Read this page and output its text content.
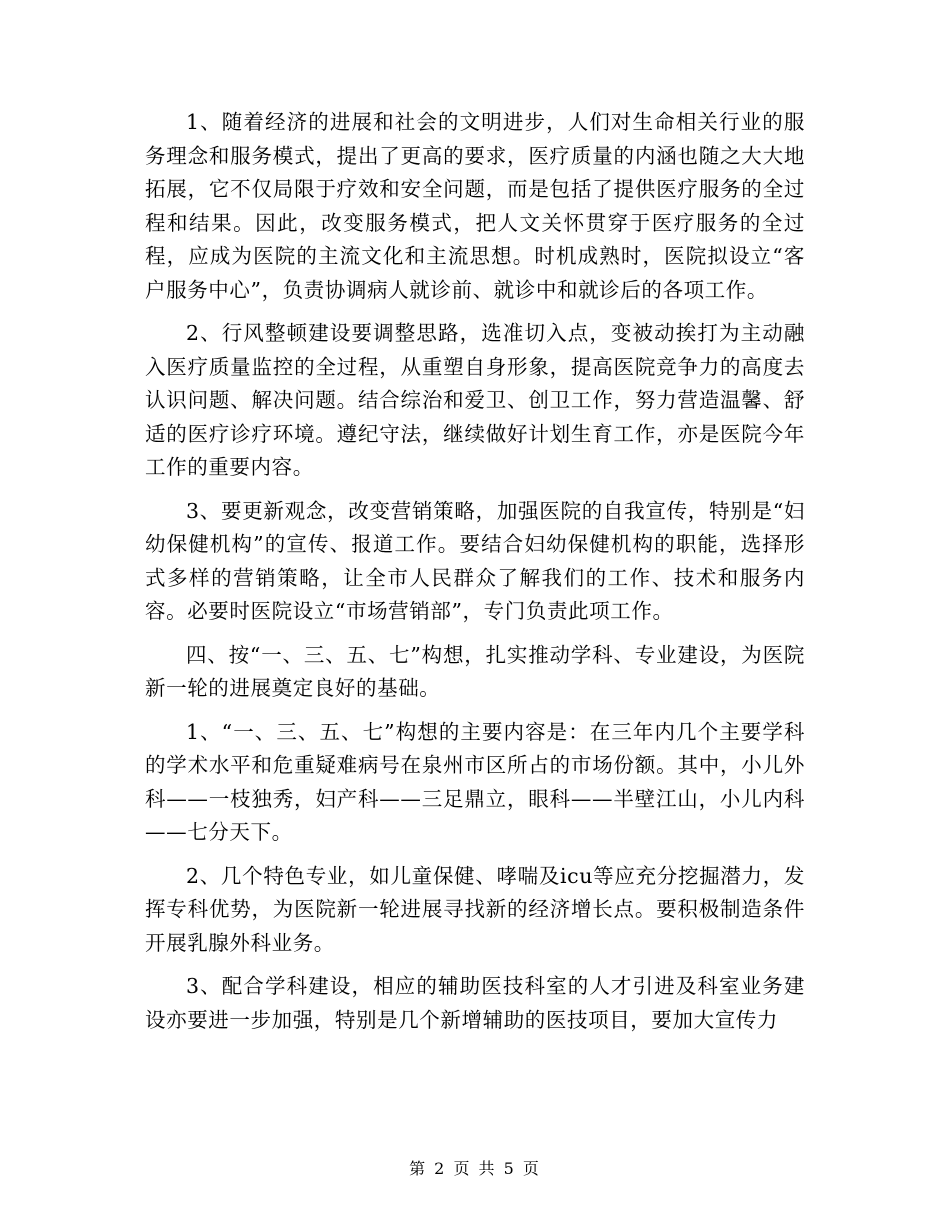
1、随着经济的进展和社会的文明进步，人们对生命相关行业的服务理念和服务模式，提出了更高的要求，医疗质量的内涵也随之大大地拓展，它不仅局限于疗效和安全问题，而是包括了提供医疗服务的全过程和结果。因此，改变服务模式，把人文关怀贯穿于医疗服务的全过程，应成为医院的主流文化和主流思想。时机成熟时，医院拟设立“客户服务中心”，负责协调病人就诊前、就诊中和就诊后的各项工作。

2、行风整顿建设要调整思路，选准切入点，变被动挨打为主动融入医疗质量监控的全过程，从重塑自身形象，提高医院竞争力的高度去认识问题、解决问题。结合综治和爱卫、创卫工作，努力营造温馨、舒适的医疗诊疗环境。遵纪守法，继续做好计划生育工作，亦是医院今年工作的重要内容。

3、要更新观念，改变营销策略，加强医院的自我宣传，特别是“妇幼保健机构”的宣传、报道工作。要结合妇幼保健机构的职能，选择形式多样的营销策略，让全市人民群众了解我们的工作、技术和服务内容。必要时医院设立“市场营销部”，专门负责此项工作。

四、按“一、三、五、七”构想，扎实推动学科、专业建设，为医院新一轮的进展奠定良好的基础。

1、“一、三、五、七”构想的主要内容是：在三年内几个主要学科的学术水平和危重疑难病号在泉州市区所占的市场份额。其中，小儿外科——一枝独秀，妇产科——三足鼎立，眼科——半壁江山，小儿内科——七分天下。

2、几个特色专业，如儿童保健、哮喘及icu等应充分挖掘潜力，发挥专科优势，为医院新一轮进展寻找新的经济增长点。要积极制造条件开展乳腺外科业务。

3、配合学科建设，相应的辅助医技科室的人才引进及科室业务建设亦要进一步加强，特别是几个新增辅助的医技项目，要加大宣传力

第 2 页 共 5 页
